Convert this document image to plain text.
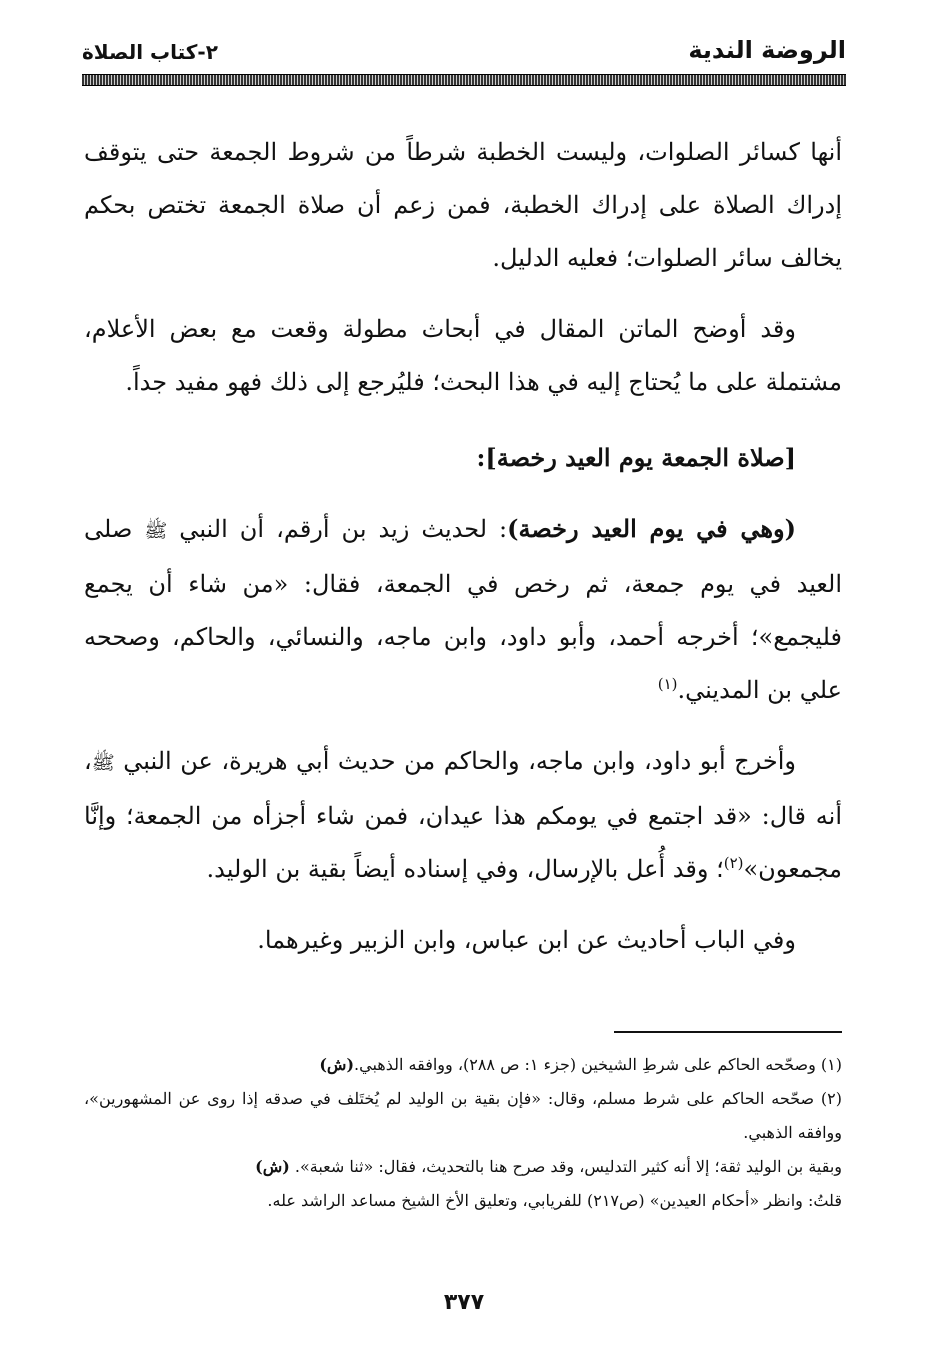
الروضة الندية
٢-كتاب الصلاة

أنها كسائر الصلوات، وليست الخطبة شرطاً من شروط الجمعة حتى يتوقف إدراك الصلاة على إدراك الخطبة، فمن زعم أن صلاة الجمعة تختص بحكم يخالف سائر الصلوات؛ فعليه الدليل.

وقد أوضح الماتن المقال في أبحاث مطولة وقعت مع بعض الأعلام، مشتملة على ما يُحتاج إليه في هذا البحث؛ فليُرجع إلى ذلك فهو مفيد جداً.

[صلاة الجمعة يوم العيد رخصة]:

(وهي في يوم العيد رخصة): لحديث زيد بن أرقم، أن النبي ﷺ صلى العيد في يوم جمعة، ثم رخص في الجمعة، فقال: «من شاء أن يجمع فليجمع»؛ أخرجه أحمد، وأبو داود، وابن ماجه، والنسائي، والحاكم، وصححه علي بن المديني.$^{(١)}$

وأخرج أبو داود، وابن ماجه، والحاكم من حديث أبي هريرة، عن النبي ﷺ، أنه قال: «قد اجتمع في يومكم هذا عيدان، فمن شاء أجزأه من الجمعة؛ وإنَّا مجمعون»$^{(٢)}$؛ وقد أُعل بالإرسال، وفي إسناده أيضاً بقية بن الوليد.

وفي الباب أحاديث عن ابن عباس، وابن الزبير وغيرهما.

(١) وصحّحه الحاكم على شرطِ الشيخين (جزء ١: ص ٢٨٨)، ووافقه الذهبي.(ش)

(٢) صحّحه الحاكم على شرط مسلم، وقال: «فإن بقية بن الوليد لم يُختَلف في صدقه إذا روى عن المشهورين»، ووافقه الذهبي.

وبقية بن الوليد ثقة؛ إلا أنه كثير التدليس، وقد صرح هنا بالتحديث، فقال: «ثنا شعبة». (ش)

قلتُ: وانظر «أحكام العيدين» (ص٢١٧) للفريابي، وتعليق الأخ الشيخ مساعد الراشد عله.

٣٧٧
